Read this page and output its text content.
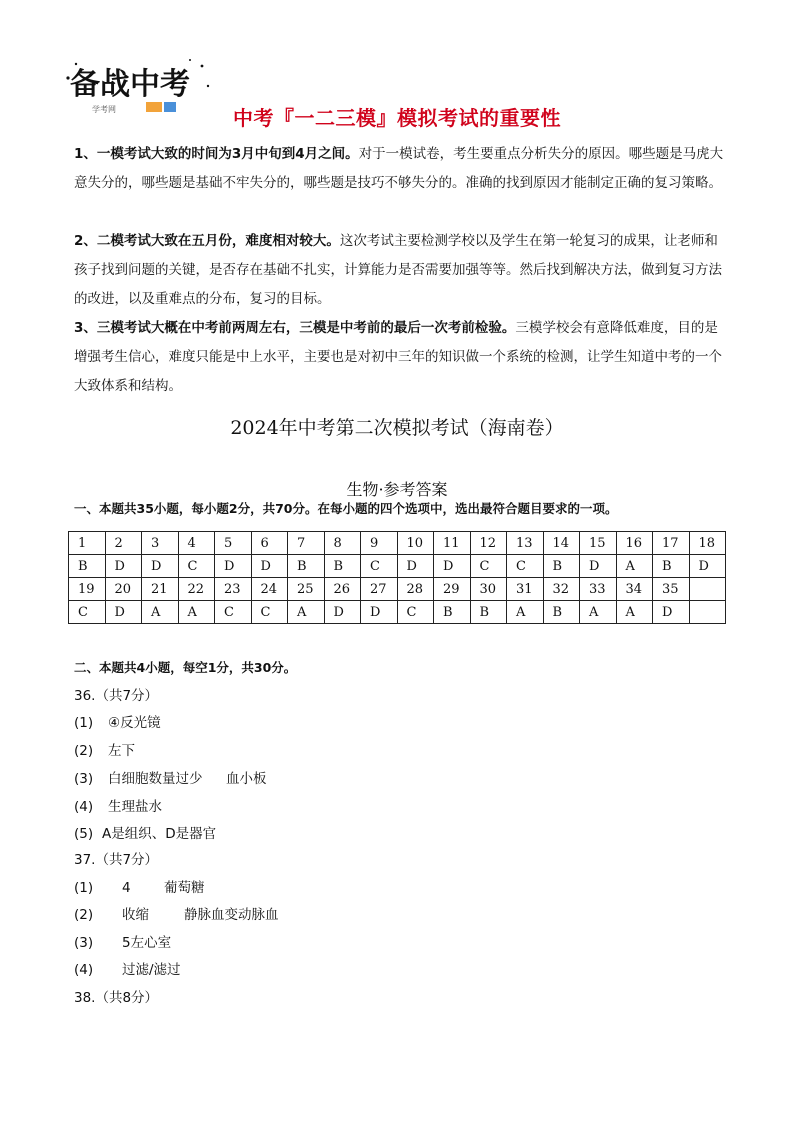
备战中考
学考网	中考『一二三模』模拟考试的重要性
1、一模考试大致的时间为3月中旬到4月之间。对于一模试卷，考生要重点分析失分的原因。哪些题是马虎大意失分的，哪些题是基础不牢失分的，哪些题是技巧不够失分的。准确的找到原因才能制定正确的复习策略。
2、二模考试大致在五月份，难度相对较大。这次考试主要检测学校以及学生在第一轮复习的成果，让老师和孩子找到问题的关键，是否存在基础不扎实，计算能力是否需要加强等等。然后找到解决方法，做到复习方法的改进，以及重难点的分布，复习的目标。
3、三模考试大概在中考前两周左右，三模是中考前的最后一次考前检验。三模学校会有意降低难度，目的是增强考生信心，难度只能是中上水平，主要也是对初中三年的知识做一个系统的检测，让学生知道中考的一个大致体系和结构。
2024年中考第二次模拟考试（海南卷）
生物·参考答案
一、本题共35小题，每小题2分，共70分。在每小题的四个选项中，选出最符合题目要求的一项。
1	2	3	4	5	6	7	8	9	10	11	12	13	14	15	16	17	18
B	D	D	C	D	D	B	B	C	D	D	C	C	B	D	A	B	D
19	20	21	22	23	24	25	26	27	28	29	30	31	32	33	34	35	
C	D	A	A	C	C	A	D	D	C	B	B	A	B	A	A	D	
二、本题共4小题，每空1分，共30分。
36.（共7分）
(1) ④反光镜
(2) 左下
(3) 白细胞数量过少 血小板
(4) 生理盐水
(5) A是组织、D是器官
37.（共7分）
(1) 4 葡萄糖
(2) 收缩	静脉血变动脉血
(3) 5左心室
(4) 过滤/滤过
38.（共8分）
